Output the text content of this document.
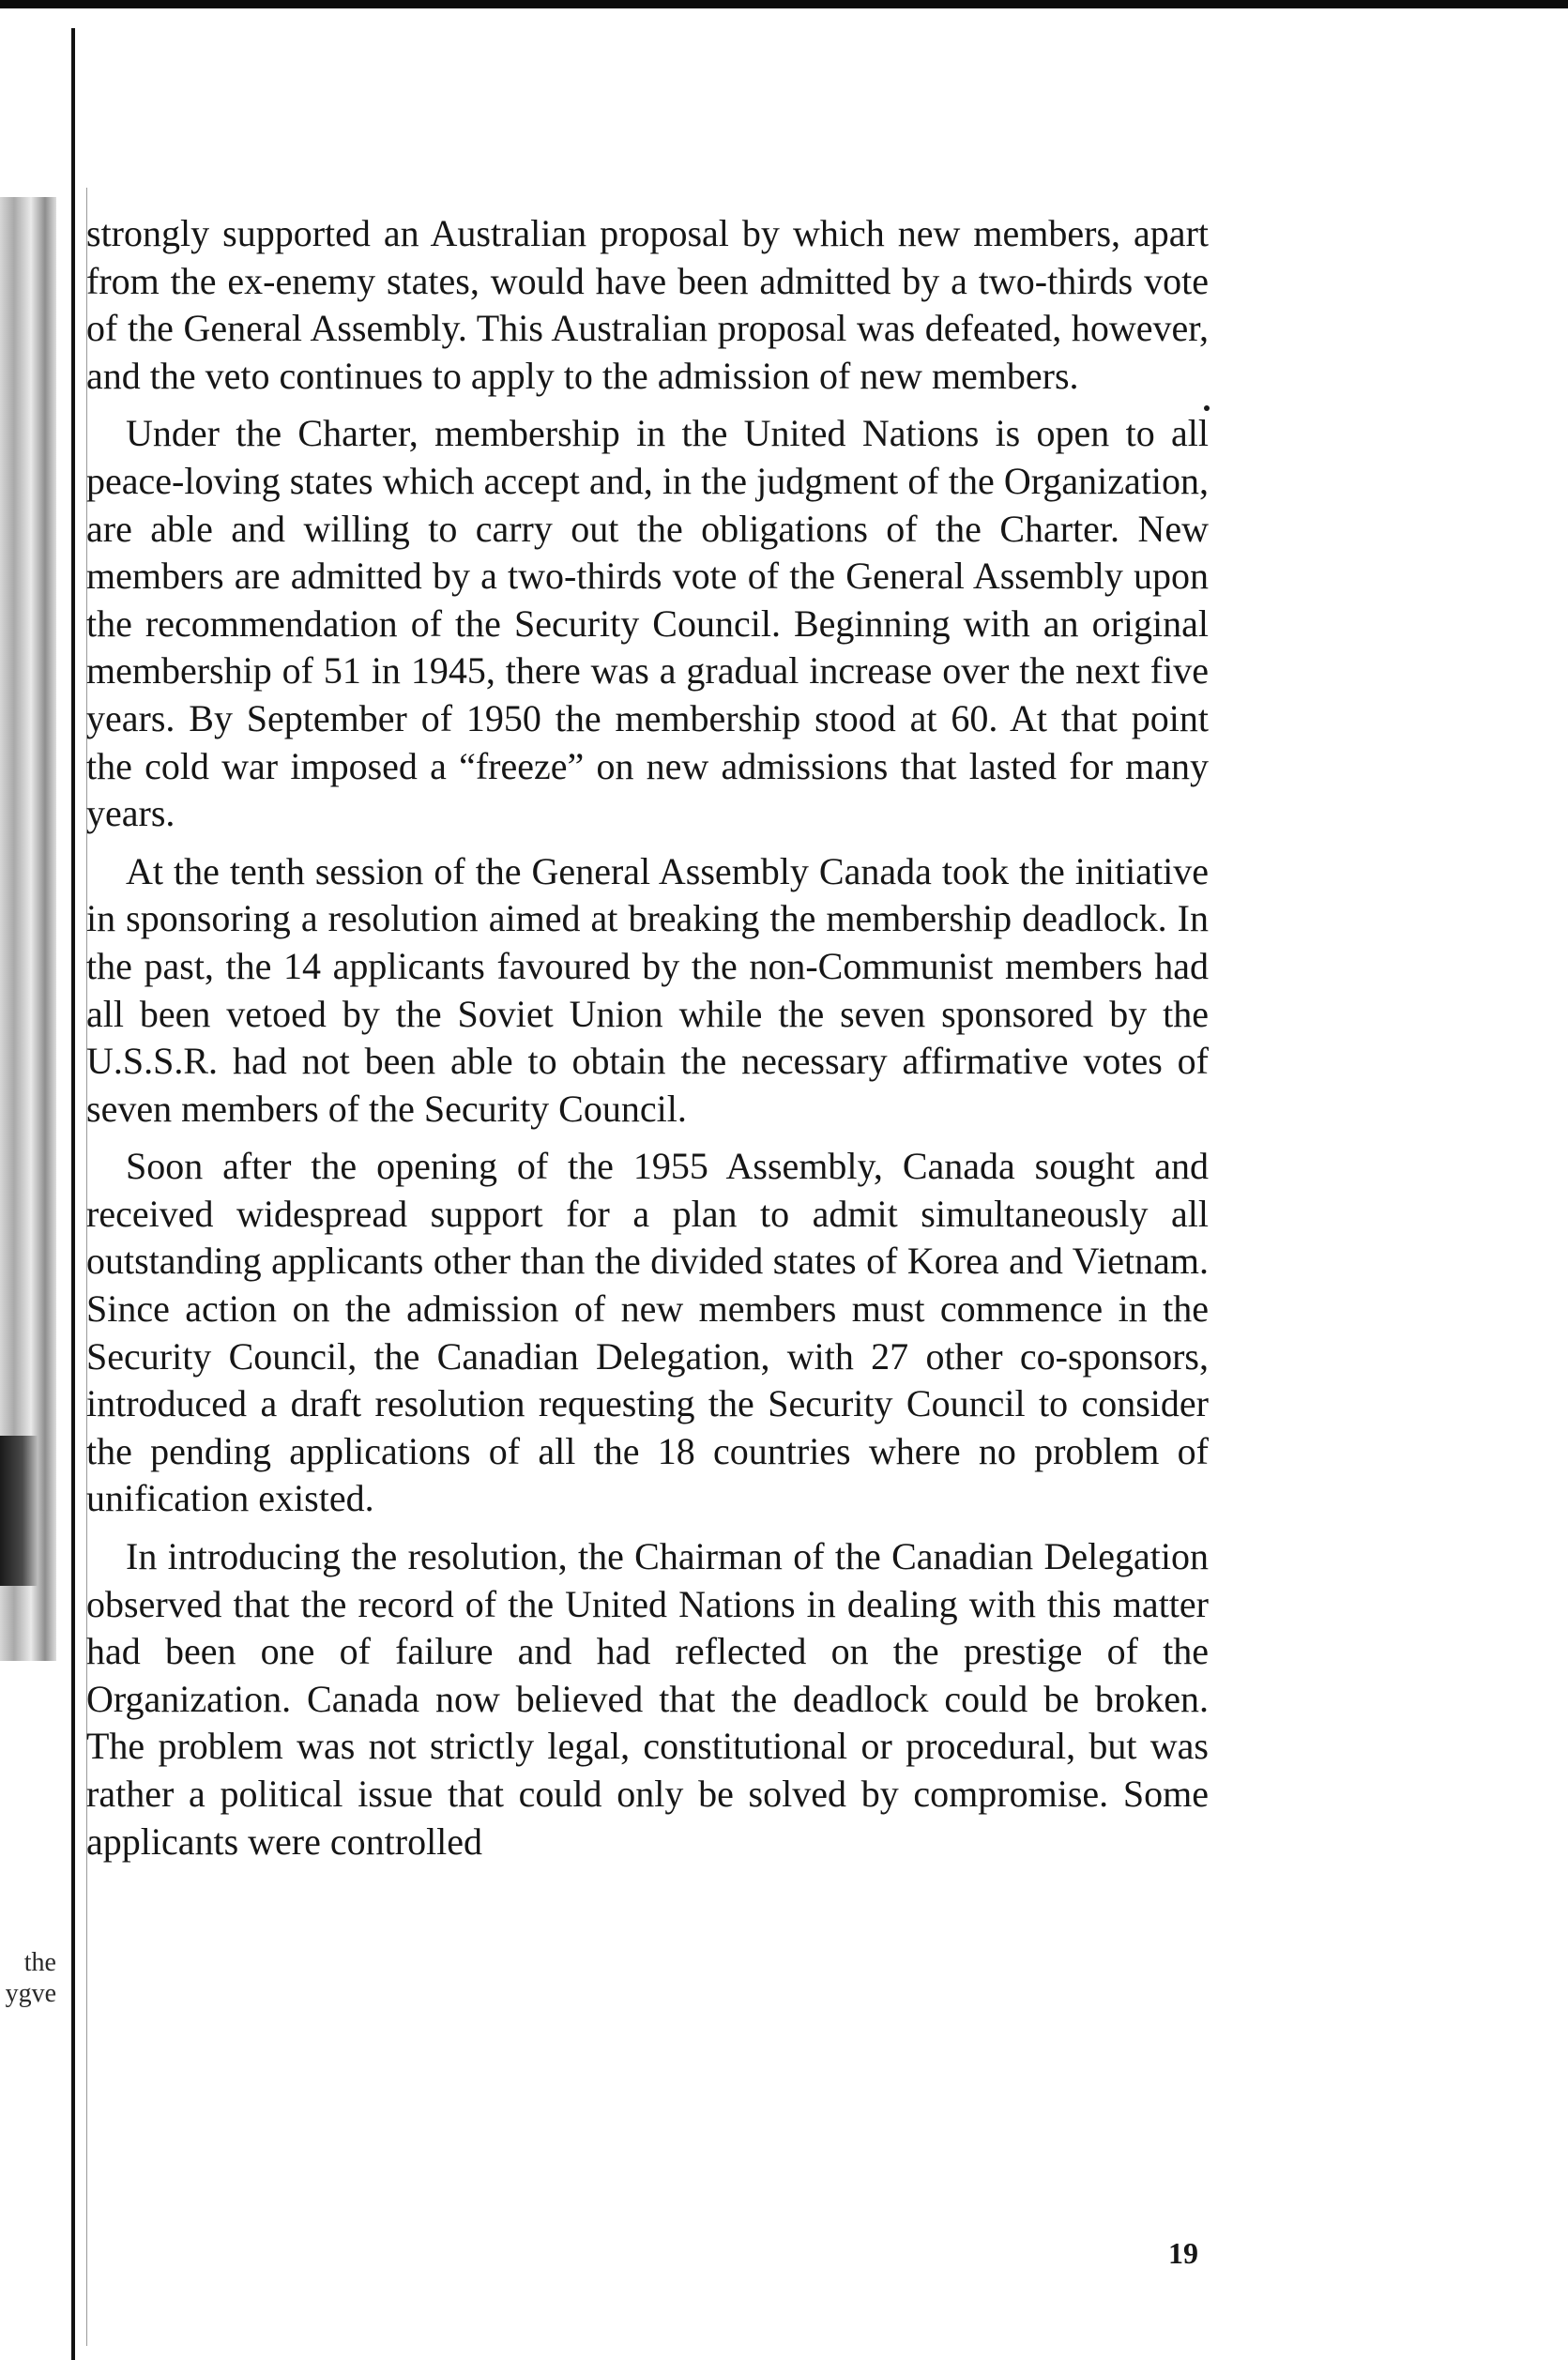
the
ygve

strongly supported an Australian proposal by which new members, apart from the ex-enemy states, would have been admitted by a two-thirds vote of the General Assembly. This Australian proposal was defeated, however, and the veto continues to apply to the admission of new members.

Under the Charter, membership in the United Nations is open to all peace-loving states which accept and, in the judgment of the Organization, are able and willing to carry out the obligations of the Charter. New members are admitted by a two-thirds vote of the General Assembly upon the recommendation of the Security Council. Beginning with an original membership of 51 in 1945, there was a gradual increase over the next five years. By September of 1950 the membership stood at 60. At that point the cold war imposed a “freeze” on new admissions that lasted for many years.

At the tenth session of the General Assembly Canada took the initiative in sponsoring a resolution aimed at breaking the membership deadlock. In the past, the 14 applicants favoured by the non-Communist members had all been vetoed by the Soviet Union while the seven sponsored by the U.S.S.R. had not been able to obtain the necessary affirmative votes of seven members of the Security Council.

Soon after the opening of the 1955 Assembly, Canada sought and received widespread support for a plan to admit simultaneously all outstanding applicants other than the divided states of Korea and Vietnam. Since action on the admission of new members must commence in the Security Council, the Canadian Delegation, with 27 other co-sponsors, introduced a draft resolution requesting the Security Council to consider the pending applications of all the 18 countries where no problem of unification existed.

In introducing the resolution, the Chairman of the Canadian Delegation observed that the record of the United Nations in dealing with this matter had been one of failure and had reflected on the prestige of the Organization. Canada now believed that the deadlock could be broken. The problem was not strictly legal, constitutional or procedural, but was rather a political issue that could only be solved by compromise. Some applicants were controlled

19
